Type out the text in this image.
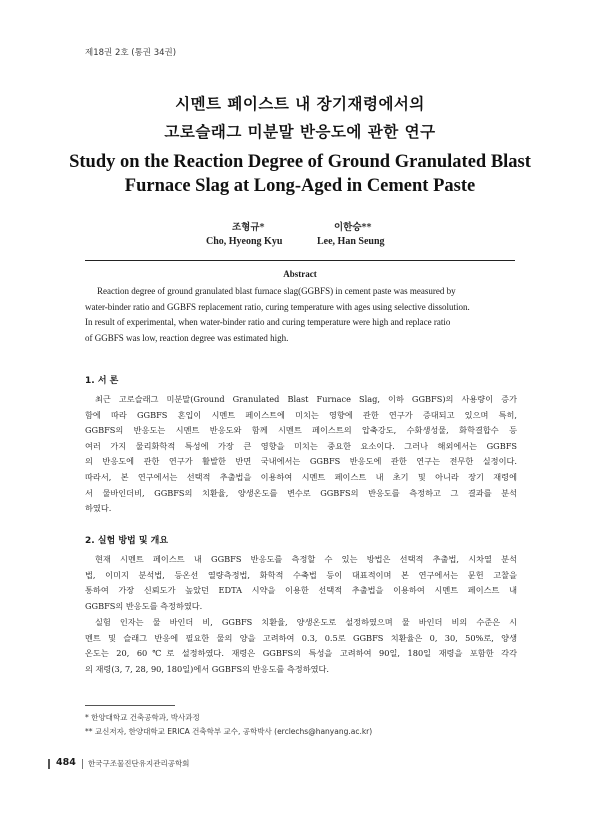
제18권 2호 (통권 34권)
시멘트 페이스트 내 장기재령에서의
고로슬래그 미분말 반응도에 관한 연구
Study on the Reaction Degree of Ground Granulated Blast
Furnace Slag at Long-Aged in Cement Paste
조형규*	이한승**
Cho, Hyeong Kyu	Lee, Han Seung
Abstract
Reaction degree of ground granulated blast furnace slag(GGBFS) in cement paste was measured by
water-binder ratio and GGBFS replacement ratio, curing temperature with ages using selective dissolution.
In result of experimental, when water-binder ratio and curing temperature were high and replace ratio
of GGBFS was low, reaction degree was estimated high.
1. 서 론
최근 고로슬래그 미분말(Ground Granulated Blast Furnace Slag, 이하 GGBFS)의 사용량이 증가
함에 따라 GGBFS 혼입이 시멘트 페이스트에 미치는 영향에 관한 연구가 증대되고 있으며 특히,
GGBFS의 반응도는 시멘트 반응도와 함께 시멘트 페이스트의 압축강도, 수화생성물, 화학결합수 등
여러 가지 물리화학적 특성에 가장 큰 영향을 미치는 중요한 요소이다. 그러나 해외에서는 GGBFS
의 반응도에 관한 연구가 활발한 반면 국내에서는 GGBFS 반응도에 관한 연구는 전무한 실정이다.
따라서, 본 연구에서는 선택적 추출법을 이용하여 시멘트 페이스트 내 초기 및 아니라 장기 재령에
서 물바인더비, GGBFS의 치환율, 양생온도를 변수로 GGBFS의 반응도를 측정하고 그 결과를 분석
하였다.
2. 실험 방법 및 개요
현재 시멘트 페이스트 내 GGBFS 반응도를 측정할 수 있는 방법은 선택적 추출법, 시차열 분석
법, 이미지 분석법, 등온선 열량측정법, 화학적 수축법 등이 대표적이며 본 연구에서는 문헌 고찰을
통하여 가장 신뢰도가 높았던 EDTA 시약을 이용한 선택적 추출법을 이용하여 시멘트 페이스트 내
GGBFS의 반응도를 측정하였다.
실험 인자는 물 바인더 비, GGBFS 치환율, 양생온도로 설정하였으며 물 바인더 비의 수준은 시
멘트 및 슬래그 반응에 필요한 물의 양을 고려하여 0.3, 0.5로 GGBFS 치환율은 0, 30, 50%로, 양생
온도는 20, 60℃로 설정하였다. 재령은 GGBFS의 특성을 고려하여 90일, 180일 재령을 포함한 각각
의 재령(3, 7, 28, 90, 180일)에서 GGBFS의 반응도를 측정하였다.
* 한양대학교 건축공학과, 박사과정
** 교신저자, 한양대학교 ERICA 건축학부 교수, 공학박사 (erclechs@hanyang.ac.kr)
484 한국구조물진단유지관리공학회
